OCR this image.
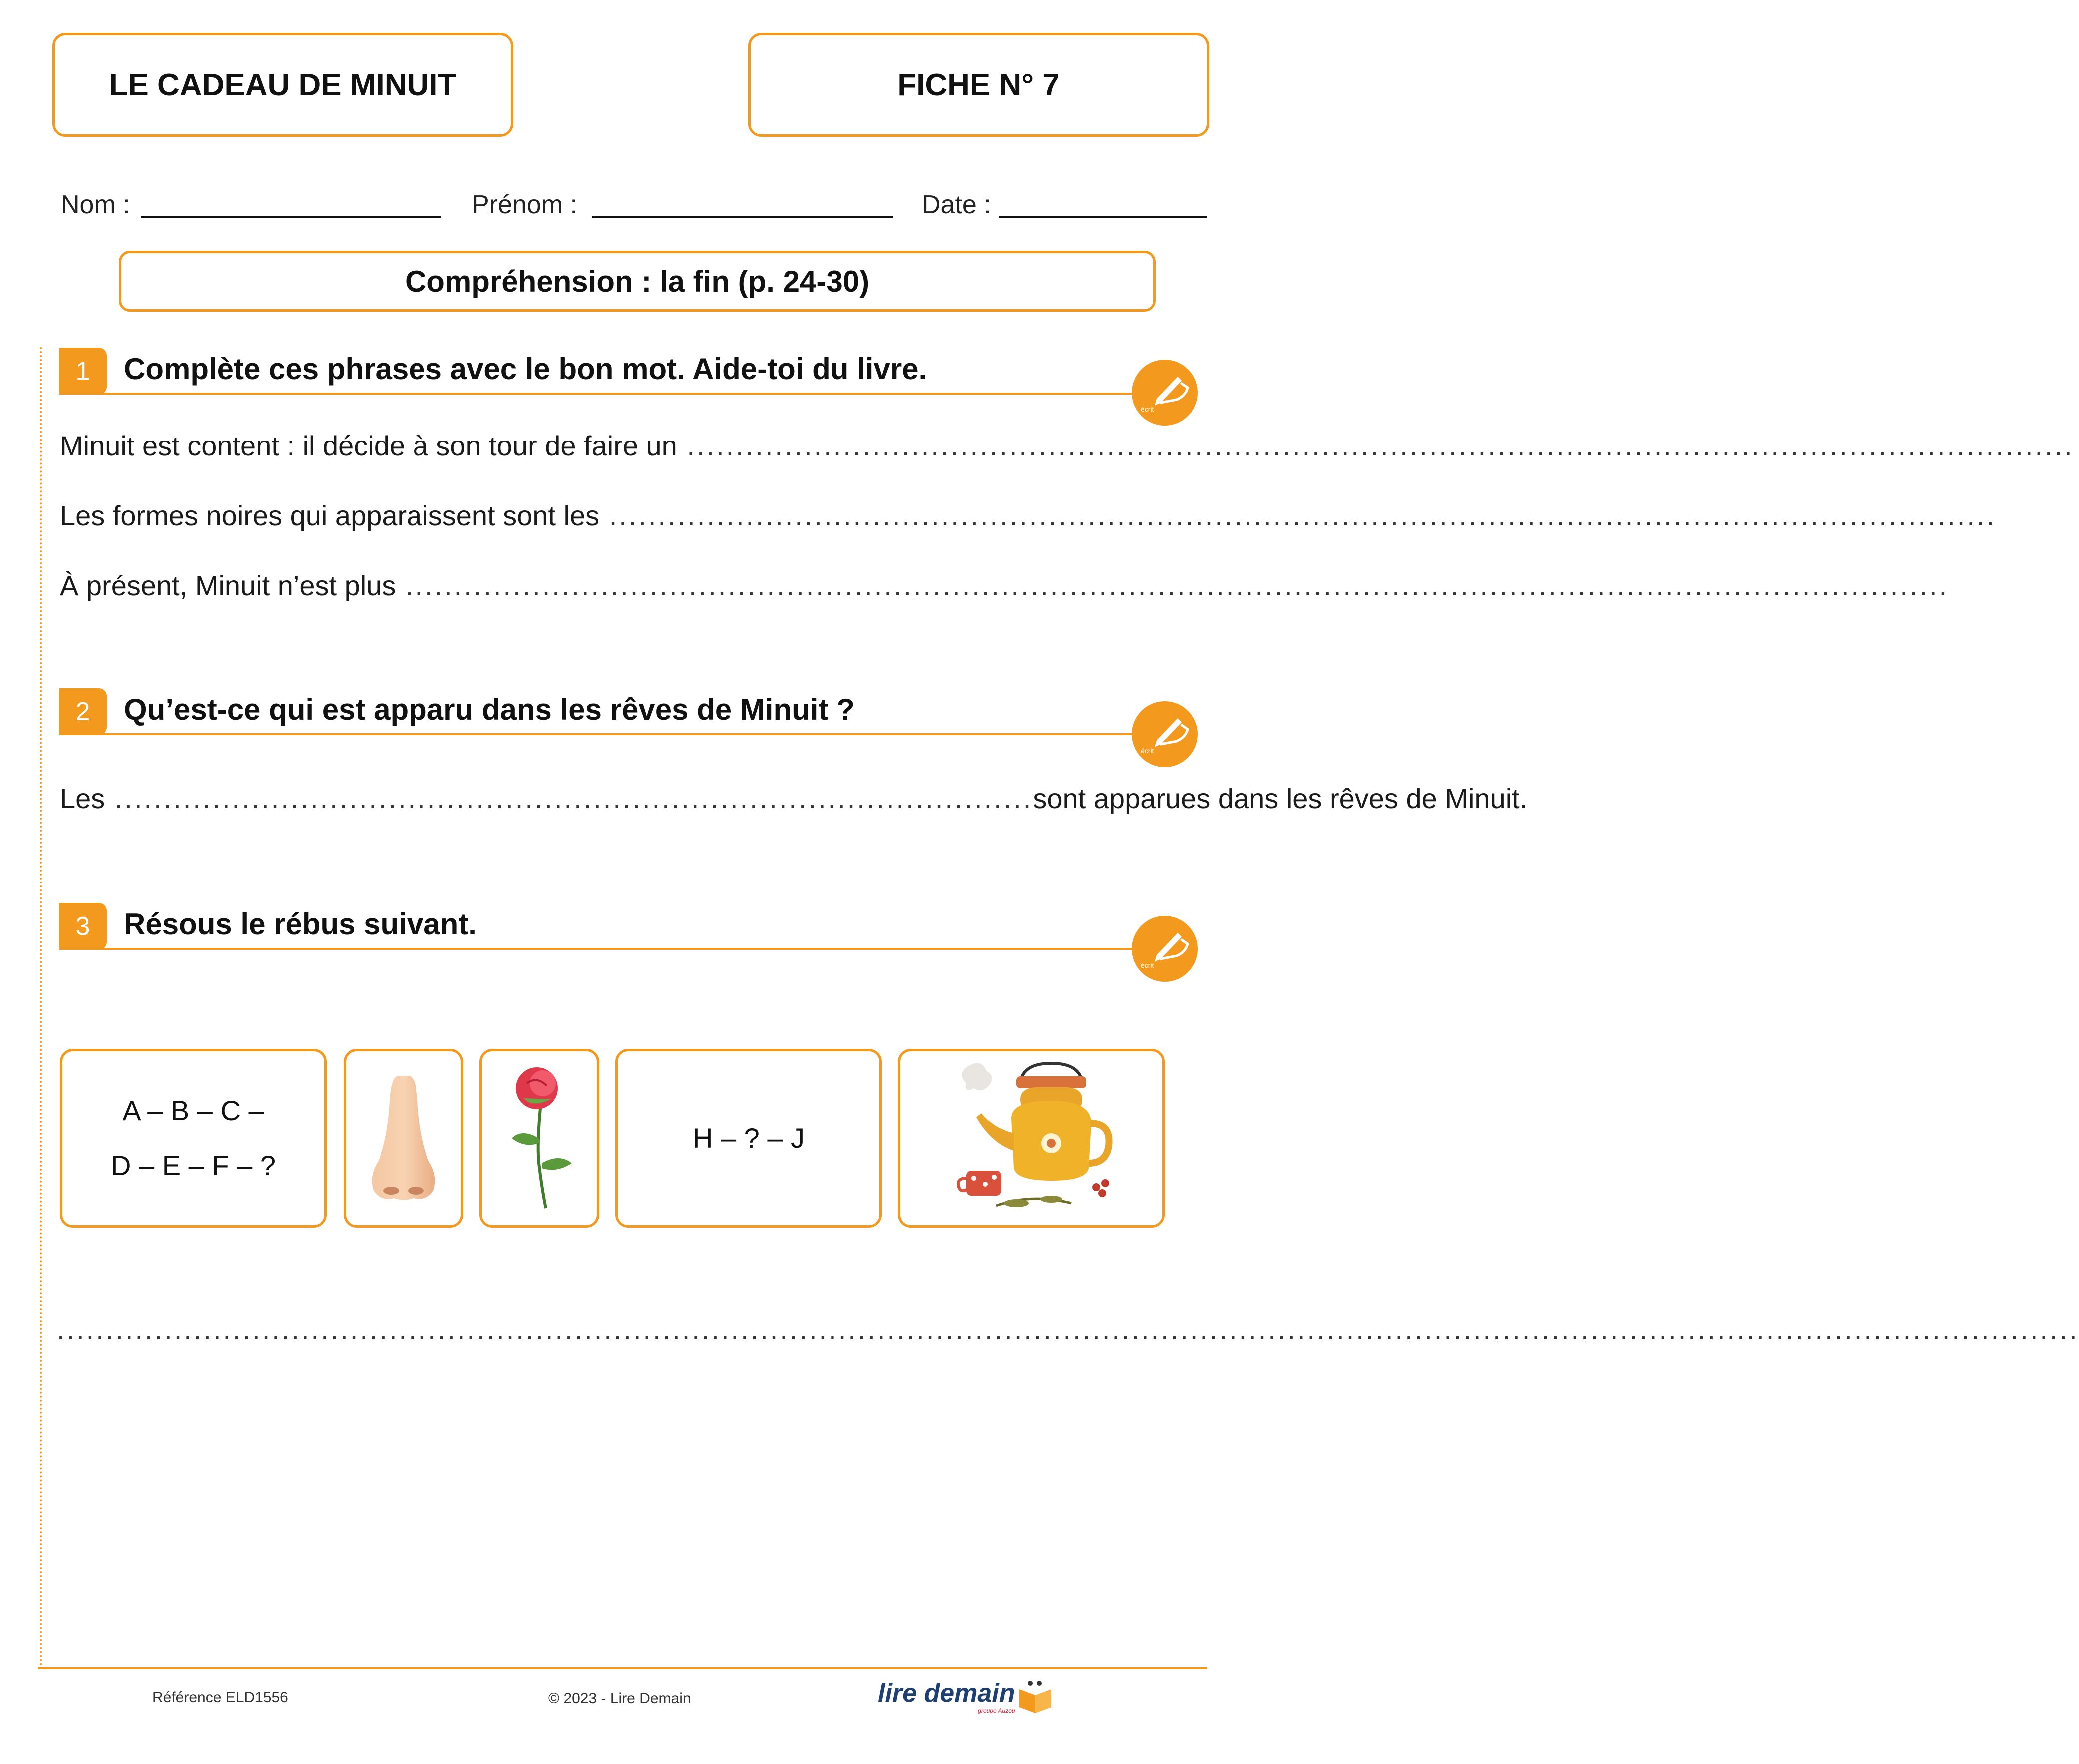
LE CADEAU DE MINUIT	FICHE N° 7
Nom :	Prénom :	Date :
Compréhension : la fin (p. 24-30)
1 Complète ces phrases avec le bon mot. Aide-toi du livre.
écrit
Minuit est content : il décide à son tour de faire un ..............................................................................................................................................
Les formes noires qui apparaissent sont les ..............................................................................................................................................
À présent, Minuit n’est plus ..............................................................................................................................................................
2 Qu’est-ce qui est apparu dans les rêves de Minuit ?
écrit
Les .............................................................................................. sont apparues dans les rêves de Minuit.
3 Résous le rébus suivant.
écrit
A – B – C –
D – E – F – ?
H – ? – J
...............................................................................................................................................................................................................
Référence ELD1556	© 2023 - Lire Demain	lire demain
groupe Auzou
